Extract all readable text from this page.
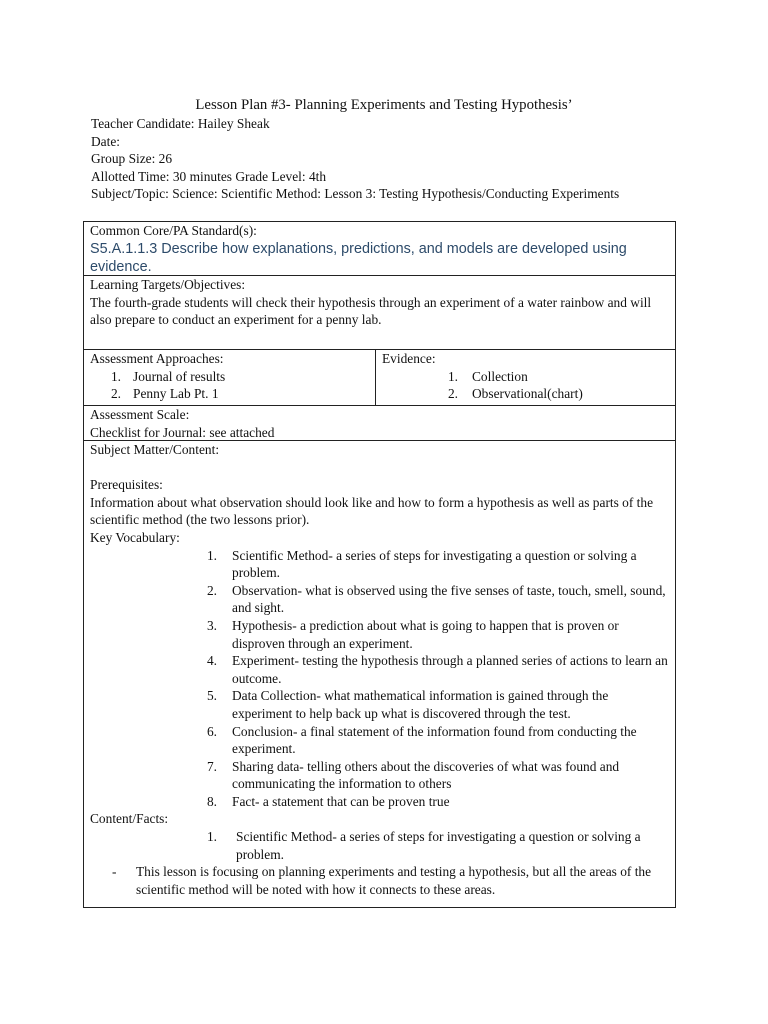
Lesson Plan #3- Planning Experiments and Testing Hypothesis’
Teacher Candidate: Hailey Sheak
Date:
Group Size: 26
Allotted Time: 30 minutes Grade Level: 4th
Subject/Topic: Science: Scientific Method: Lesson 3: Testing Hypothesis/Conducting Experiments
Common Core/PA Standard(s):
S5.A.1.1.3 Describe how explanations, predictions, and models are developed using evidence.
Learning Targets/Objectives:
The fourth-grade students will check their hypothesis through an experiment of a water rainbow and will also prepare to conduct an experiment for a penny lab.
Assessment Approaches:
1. Journal of results
2. Penny Lab Pt. 1
Evidence:
1. Collection
2. Observational(chart)
Assessment Scale:
Checklist for Journal: see attached
Subject Matter/Content:
Prerequisites:
Information about what observation should look like and how to form a hypothesis as well as parts of the scientific method (the two lessons prior).
Key Vocabulary:
1. Scientific Method- a series of steps for investigating a question or solving a problem.
2. Observation- what is observed using the five senses of taste, touch, smell, sound, and sight.
3. Hypothesis- a prediction about what is going to happen that is proven or disproven through an experiment.
4. Experiment- testing the hypothesis through a planned series of actions to learn an outcome.
5. Data Collection- what mathematical information is gained through the experiment to help back up what is discovered through the test.
6. Conclusion- a final statement of the information found from conducting the experiment.
7. Sharing data- telling others about the discoveries of what was found and communicating the information to others
8. Fact- a statement that can be proven true
Content/Facts:
1. Scientific Method- a series of steps for investigating a question or solving a problem.
-	This lesson is focusing on planning experiments and testing a hypothesis, but all the areas of the scientific method will be noted with how it connects to these areas.
